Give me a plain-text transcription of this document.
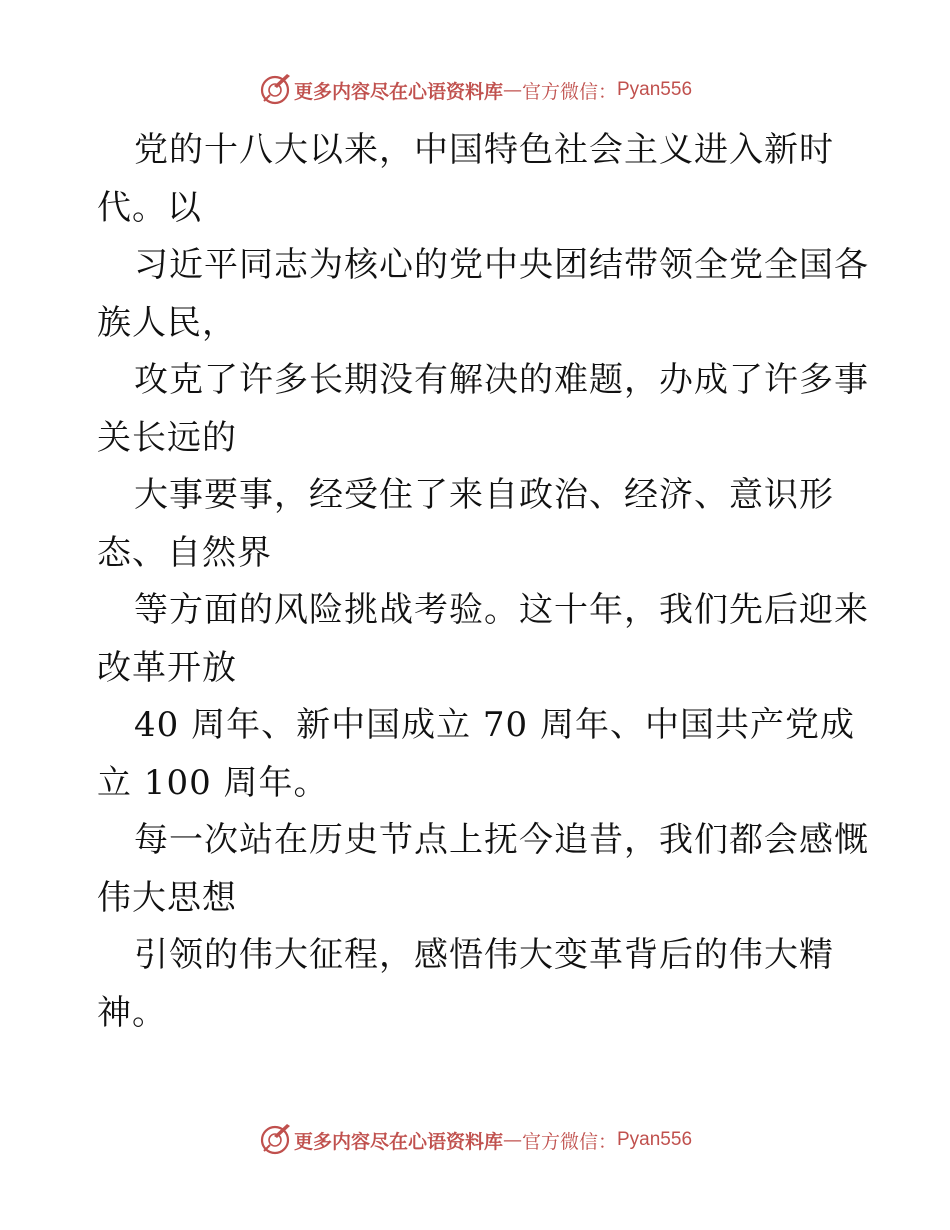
更多内容尽在心语资料库 — 官方微信： Pyan556
党的十八大以来，中国特色社会主义进入新时
代。以
习近平同志为核心的党中央团结带领全党全国各
族人民，
攻克了许多长期没有解决的难题，办成了许多事
关长远的
大事要事，经受住了来自政治、经济、意识形
态、自然界
等方面的风险挑战考验。这十年，我们先后迎来
改革开放
40 周年、新中国成立 70 周年、中国共产党成
立 100 周年。
每一次站在历史节点上抚今追昔，我们都会感慨
伟大思想
引领的伟大征程，感悟伟大变革背后的伟大精
神。
更多内容尽在心语资料库 — 官方微信： Pyan556
